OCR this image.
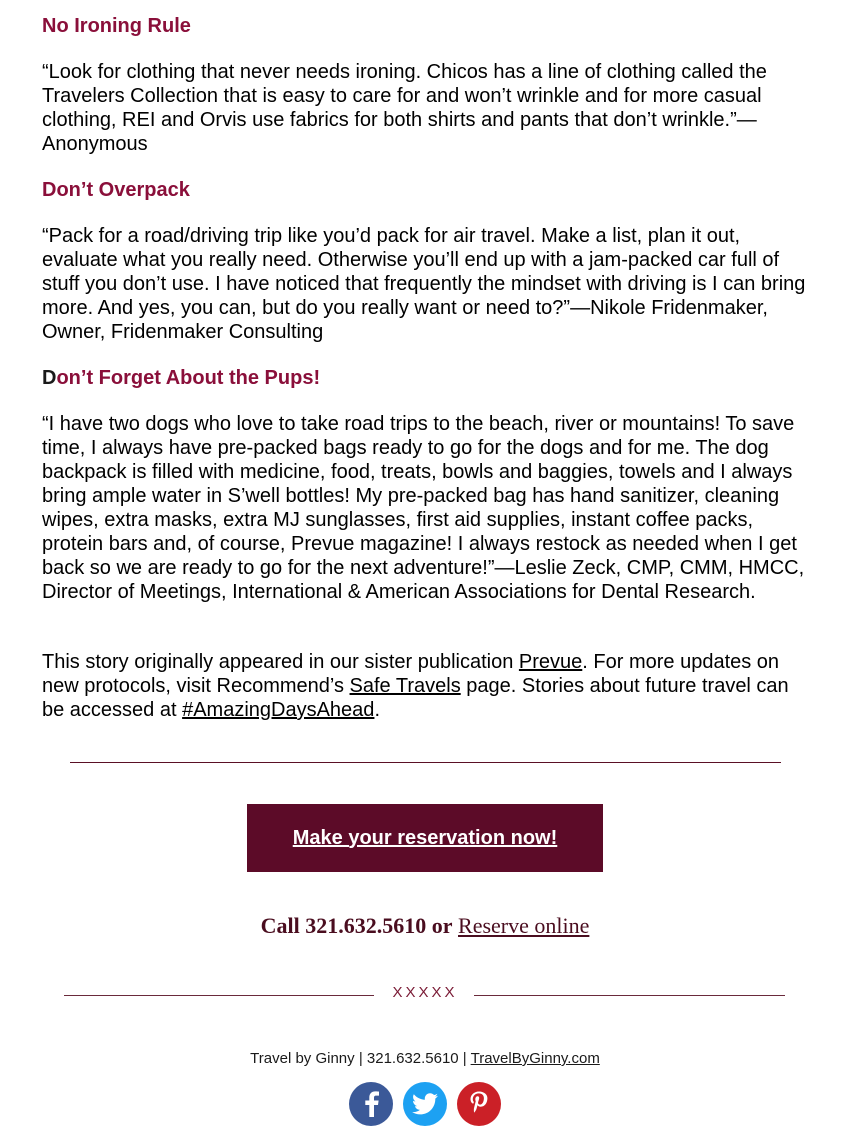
No Ironing Rule

“Look for clothing that never needs ironing. Chicos has a line of clothing called the Travelers Collection that is easy to care for and won’t wrinkle and for more casual clothing, REI and Orvis use fabrics for both shirts and pants that don’t wrinkle.”—Anonymous

Don’t Overpack

“Pack for a road/driving trip like you’d pack for air travel. Make a list, plan it out, evaluate what you really need. Otherwise you’ll end up with a jam-packed car full of stuff you don’t use. I have noticed that frequently the mindset with driving is I can bring more. And yes, you can, but do you really want or need to?”—Nikole Fridenmaker, Owner, Fridenmaker Consulting

Don’t Forget About the Pups!

“I have two dogs who love to take road trips to the beach, river or mountains! To save time, I always have pre-packed bags ready to go for the dogs and for me. The dog backpack is filled with medicine, food, treats, bowls and baggies, towels and I always bring ample water in S’well bottles! My pre-packed bag has hand sanitizer, cleaning wipes, extra masks, extra MJ sunglasses, first aid supplies, instant coffee packs, protein bars and, of course, Prevue magazine! I always restock as needed when I get back so we are ready to go for the next adventure!”—Leslie Zeck, CMP, CMM, HMCC, Director of Meetings, International & American Associations for Dental Research.

This story originally appeared in our sister publication Prevue. For more updates on new protocols, visit Recommend’s Safe Travels page. Stories about future travel can be accessed at #AmazingDaysAhead.

Make your reservation now!
Call 321.632.5610 or Reserve online
XXXXX
Travel by Ginny | 321.632.5610 | TravelByGinny.com
